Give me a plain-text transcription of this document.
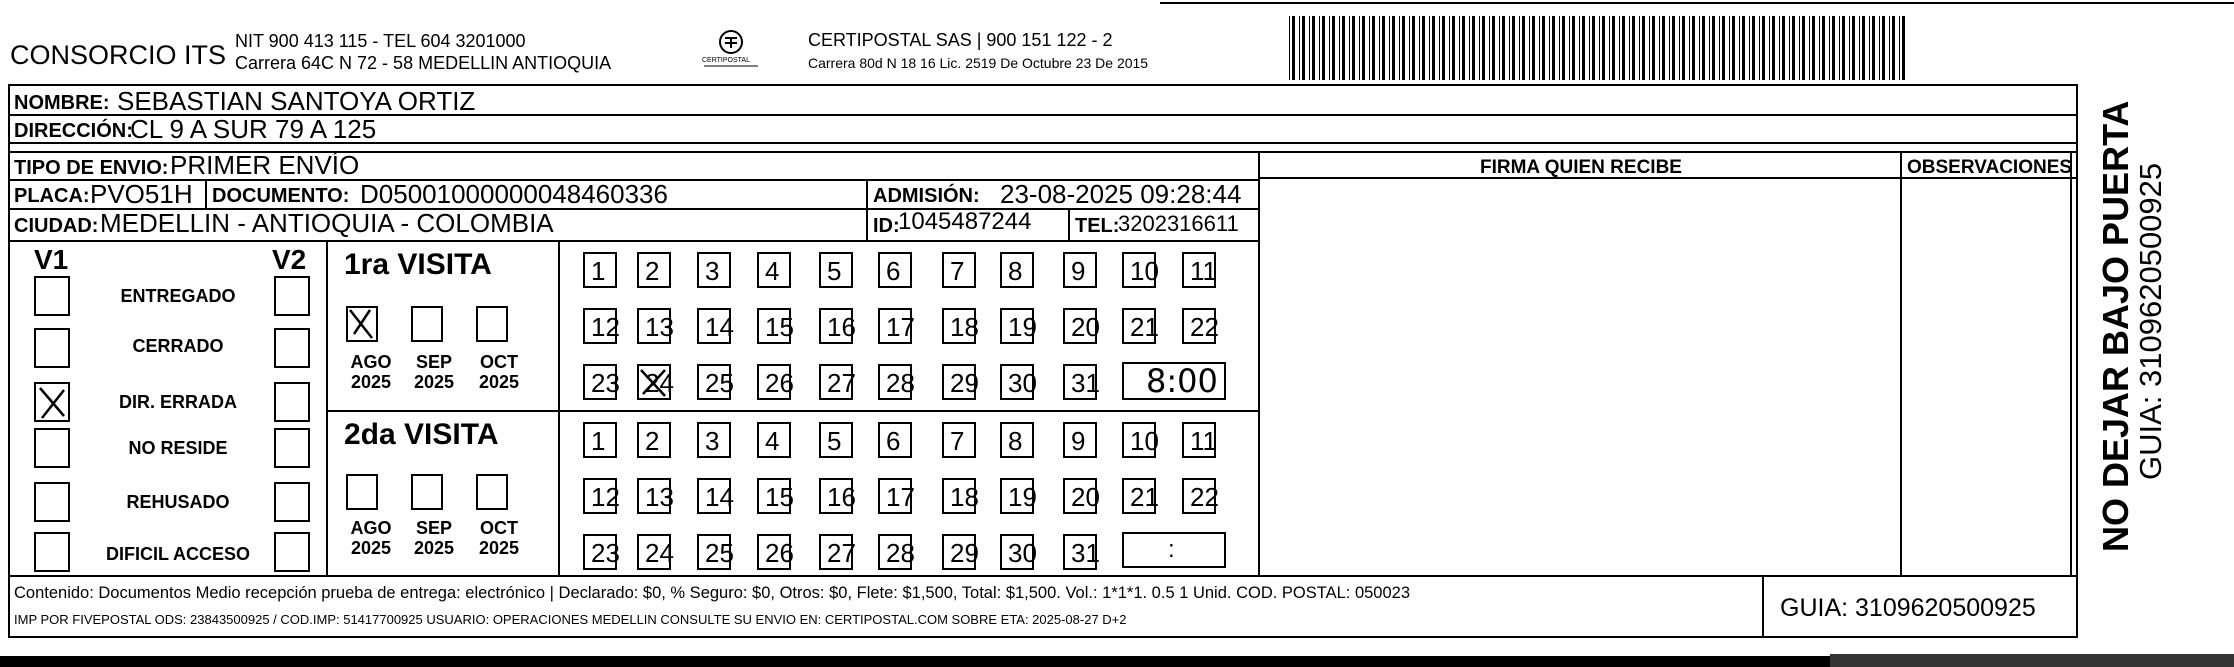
CONSORCIO ITS NIT 900 413 115 - TEL 604 3201000
Carrera 64C N 72 - 58 MEDELLIN ANTIOQUIA	CERTIPOSTAL
CERTIPOSTAL SAS | 900 151 122 - 2
Carrera 80d N 18 16 Lic. 2519 De Octubre 23 De 2015
NOMBRE: SEBASTIAN SANTOYA ORTIZ
DIRECCIÓN:
CL 9 A SUR 79 A 125
TIPO DE ENVIO: PRIMER ENVÍO	FIRMA QUIEN RECIBE	OBSERVACIONES
PLACA: PVO51H DOCUMENTO: D05001000000048460336	ADMISIÓN: 23-08-2025 09:28:44
CIUDAD: MEDELLIN - ANTIOQUIA - COLOMBIA	ID:
1045487244 TEL:
3202316611
V1	V2
ENTREGADO
CERRADO
DIR. ERRADA
NO RESIDE
REHUSADO
DIFICIL ACCESO
1ra VISITA
AGO
2025
SEP
2025
OCT
2025
1	2	3	4	5	6	7	8	9	10	11
12 13	14	15	16	17	18	19	20	21	22
23 24	25	26	27	28	29	30	31 8:00
2da VISITA
AGO
2025
SEP
2025
OCT
2025
1	2	3	4	5	6	7	8	9	10	11
12 13	14	15	16	17	18	19	20	21	22
23 24	25	26	27	28	29	30	31	:
Contenido: Documentos Medio recepción prueba de entrega: electrónico | Declarado: $0, % Seguro: $0, Otros: $0, Flete: $1,500, Total: $1,500. Vol.: 1*1*1. 0.5 1 Unid. COD. POSTAL: 050023
IMP POR FIVEPOSTAL ODS: 23843500925 / COD.IMP: 51417700925 USUARIO: OPERACIONES MEDELLIN CONSULTE SU ENVIO EN: CERTIPOSTAL.COM SOBRE ETA: 2025-08-27 D+2	GUIA: 3109620500925
NO DEJAR BAJO PUERTA
GUIA: 3109620500925
